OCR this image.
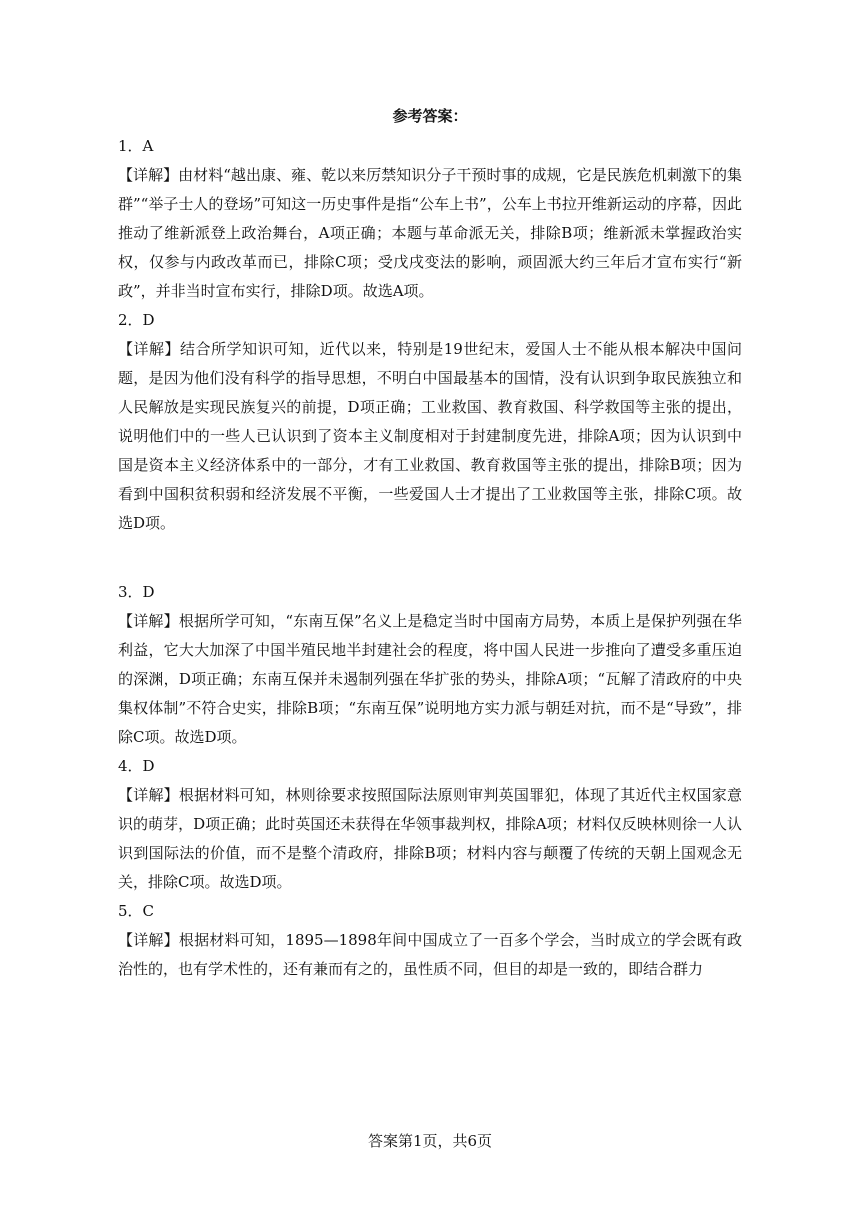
参考答案：
1．A
【详解】由材料“越出康、雍、乾以来厉禁知识分子干预时事的成规，它是民族危机刺激下的集群”“举子士人的登场”可知这一历史事件是指“公车上书”，公车上书拉开维新运动的序幕，因此推动了维新派登上政治舞台，A项正确；本题与革命派无关，排除B项；维新派未掌握政治实权，仅参与内政改革而已，排除C项；受戊戌变法的影响，顽固派大约三年后才宣布实行“新政”，并非当时宣布实行，排除D项。故选A项。
2．D
【详解】结合所学知识可知，近代以来，特别是19世纪末，爱国人士不能从根本解决中国问题，是因为他们没有科学的指导思想，不明白中国最基本的国情，没有认识到争取民族独立和人民解放是实现民族复兴的前提，D项正确；工业救国、教育救国、科学救国等主张的提出，说明他们中的一些人已认识到了资本主义制度相对于封建制度先进，排除A项；因为认识到中国是资本主义经济体系中的一部分，才有工业救国、教育救国等主张的提出，排除B项；因为看到中国积贫积弱和经济发展不平衡，一些爱国人士才提出了工业救国等主张，排除C项。故选D项。
3．D
【详解】根据所学可知，“东南互保”名义上是稳定当时中国南方局势，本质上是保护列强在华利益，它大大加深了中国半殖民地半封建社会的程度，将中国人民进一步推向了遭受多重压迫的深渊，D项正确；东南互保并未遏制列强在华扩张的势头，排除A项；“瓦解了清政府的中央集权体制”不符合史实，排除B项；“东南互保”说明地方实力派与朝廷对抗，而不是“导致”，排除C项。故选D项。
4．D
【详解】根据材料可知，林则徐要求按照国际法原则审判英国罪犯，体现了其近代主权国家意识的萌芽，D项正确；此时英国还未获得在华领事裁判权，排除A项；材料仅反映林则徐一人认识到国际法的价值，而不是整个清政府，排除B项；材料内容与颠覆了传统的天朝上国观念无关，排除C项。故选D项。
5．C
【详解】根据材料可知，1895—1898年间中国成立了一百多个学会，当时成立的学会既有政治性的，也有学术性的，还有兼而有之的，虽性质不同，但目的却是一致的，即结合群力
答案第1页，共6页
